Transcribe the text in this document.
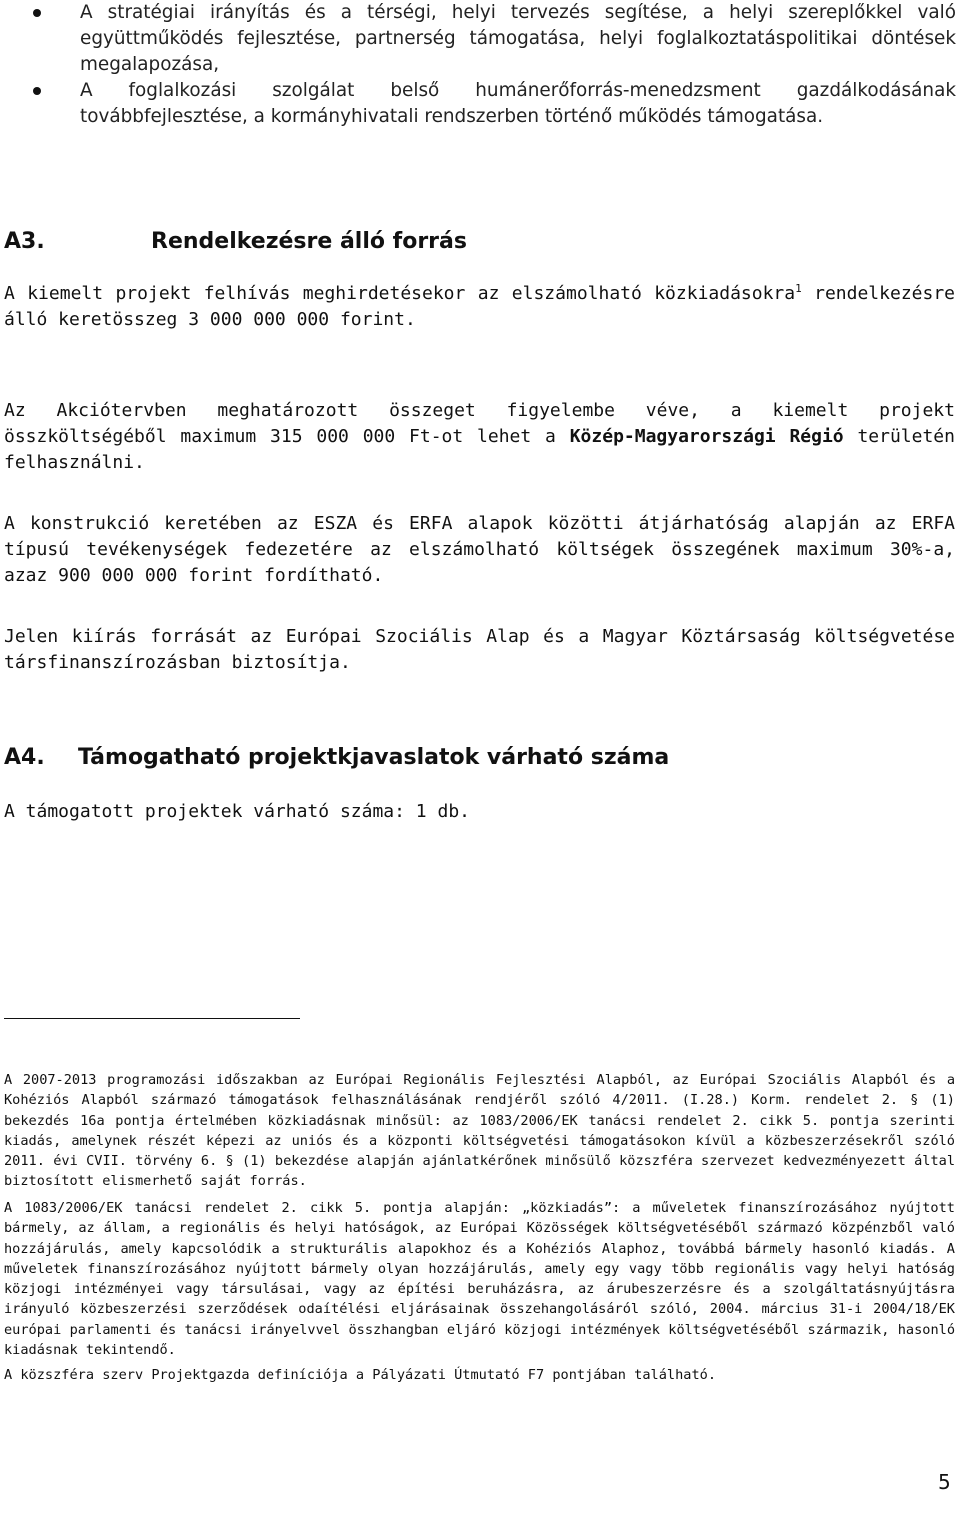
A stratégiai irányítás és a térségi, helyi tervezés segítése, a helyi szereplőkkel való együttműködés fejlesztése, partnerség támogatása, helyi foglalkoztatáspolitikai döntések megalapozása,
A foglalkozási szolgálat belső humánerőforrás-menedzsment gazdálkodásának továbbfejlesztése, a kormányhivatali rendszerben történő működés támogatása.
A3.	Rendelkezésre álló forrás

A kiemelt projekt felhívás meghirdetésekor az elszámolható közkiadásokra$^1$ rendelkezésre álló keretösszeg 3 000 000 000 forint.

Az Akciótervben meghatározott összeget figyelembe véve, a kiemelt projekt összköltségéből maximum 315 000 000 Ft-ot lehet a Közép-Magyarországi Régió területén felhasználni.

A konstrukció keretében az ESZA és ERFA alapok közötti átjárhatóság alapján az ERFA típusú tevékenységek fedezetére az elszámolható költségek összegének maximum 30%-a, azaz 900 000 000 forint fordítható.

Jelen kiírás forrását az Európai Szociális Alap és a Magyar Köztársaság költségvetése társfinanszírozásban biztosítja.

A4. Támogatható projektkjavaslatok várható száma

A támogatott projektek várható száma: 1 db.

A 2007-2013 programozási időszakban az Európai Regionális Fejlesztési Alapból, az Európai Szociális Alapból és a Kohéziós Alapból származó támogatások felhasználásának rendjéről szóló 4/2011. (I.28.) Korm. rendelet 2. § (1) bekezdés 16a pontja értelmében közkiadásnak minősül: az 1083/2006/EK tanácsi rendelet 2. cikk 5. pontja szerinti kiadás, amelynek részét képezi az uniós és a központi költségvetési támogatásokon kívül a közbeszerzésekről szóló 2011. évi CVII. törvény 6. § (1) bekezdése alapján ajánlatkérőnek minősülő közszféra szervezet kedvezményezett által biztosított elismerhető saját forrás.

A 1083/2006/EK tanácsi rendelet 2. cikk 5. pontja alapján: „közkiadás”: a műveletek finanszírozásához nyújtott bármely, az állam, a regionális és helyi hatóságok, az Európai Közösségek költségvetéséből származó közpénzből való hozzájárulás, amely kapcsolódik a strukturális alapokhoz és a Kohéziós Alaphoz, továbbá bármely hasonló kiadás. A műveletek finanszírozásához nyújtott bármely olyan hozzájárulás, amely egy vagy több regionális vagy helyi hatóság közjogi intézményei vagy társulásai, vagy az építési beruházásra, az árubeszerzésre és a szolgáltatásnyújtásra irányuló közbeszerzési szerződések odaítélési eljárásainak összehangolásáról szóló, 2004. március 31-i 2004/18/EK európai parlamenti és tanácsi irányelvvel összhangban eljáró közjogi intézmények költségvetéséből származik, hasonló kiadásnak tekintendő.

A közszféra szerv Projektgazda definíciója a Pályázati Útmutató F7 pontjában található.

5
